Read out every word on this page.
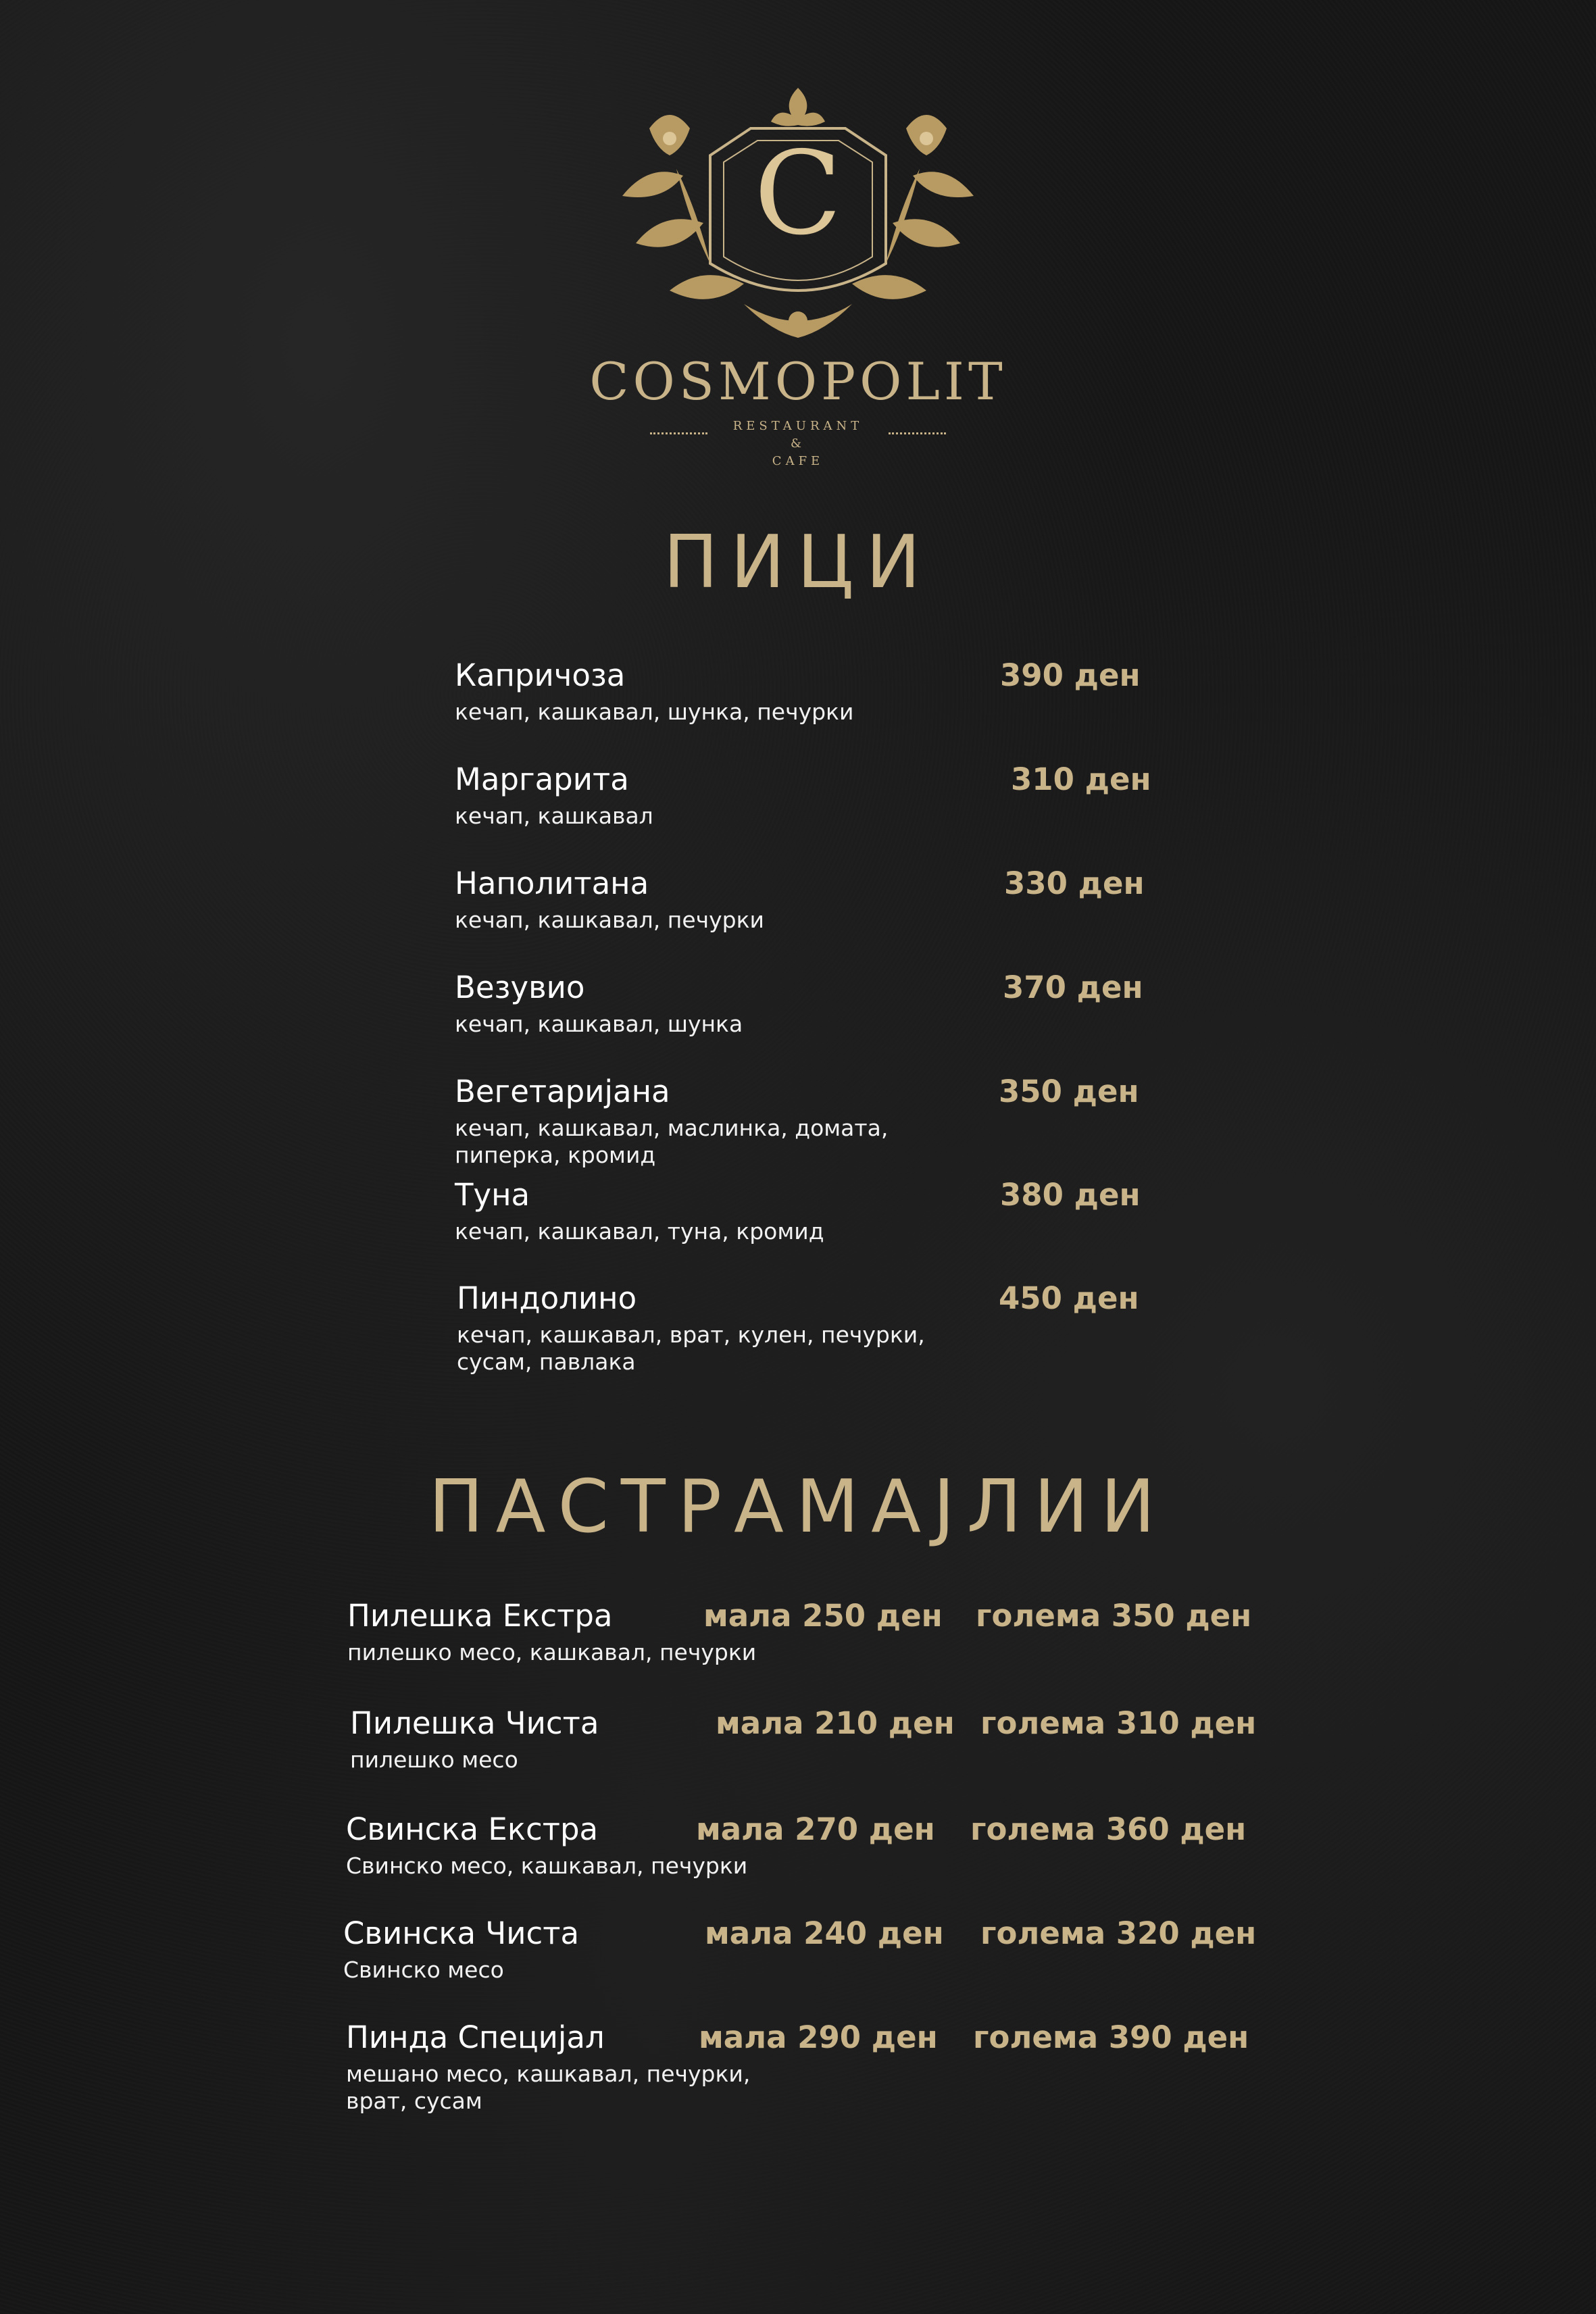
C
COSMOPOLIT
RESTAURANT
&
CAFE
ПИЦИ
Капричоза
кечап, кашкавал, шунка, печурки
390 ден
Маргарита
кечап, кашкавал
310 ден
Наполитана
кечап, кашкавал, печурки
330 ден
Везувио
кечап, кашкавал, шунка
370 ден
Вегетаријана
кечап, кашкавал, маслинка, домата,
пиперка, кромид
350 ден
Туна
кечап, кашкавал, туна, кромид
380 ден
Пиндолино
кечап, кашкавал, врат, кулен, печурки,
сусам, павлака
450 ден
ПАСТРАМАЈЛИИ
Пилешка Екстра
пилешко месо, кашкавал, печурки
мала 250 ден голема 350 ден
Пилешка Чиста
пилешко месо
мала 210 ден голема 310 ден
Свинска Екстра
Свинско месо, кашкавал, печурки
мала 270 ден голема 360 ден
Свинска Чиста
Свинско месо
мала 240 ден голема 320 ден
Пинда Специјал
мешано месо, кашкавал, печурки,
врат, сусам
мала 290 ден голема 390 ден
